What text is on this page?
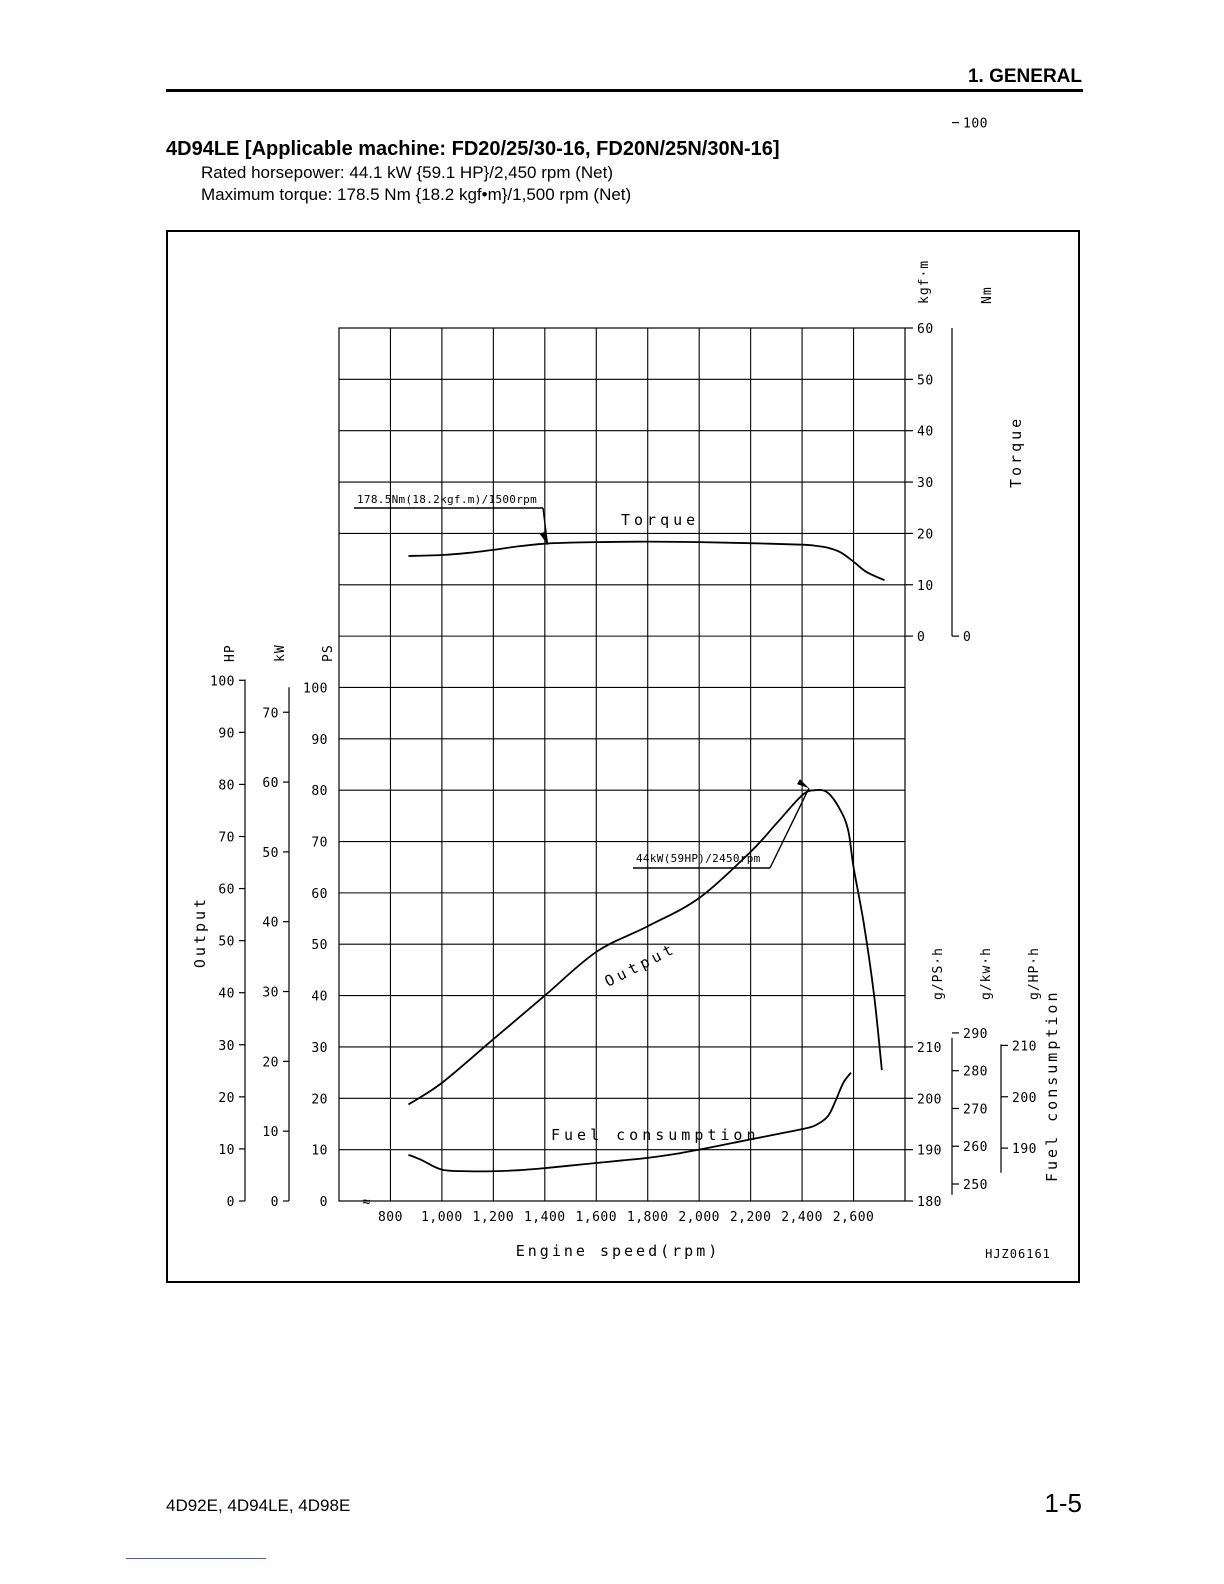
1. GENERAL
4D94LE [Applicable machine: FD20/25/30-16, FD20N/25N/30N-16]
Rated horsepower: 44.1 kW {59.1 HP}/2,450 rpm (Net)
Maximum torque: 178.5 Nm {18.2 kgf•m}/1,500 rpm (Net)
800 1,000 1,200 1,400 1,600 1,800 2,000 2,200 2,400 2,600
≈
Engine speed(rpm)	HJZ06161
60
50
40
30
20
10
0
kgf·m
100
0
Nm
Torque
100
90
80
70
60
50
40
30
20
10
0
HP
70
60
50
40
30
20
10
0
kW
100
90
80
70
60
50
40
30
20
10
0
PS
Output
210
200
190
180
g/PS·h
290
280
270
260
250
g/kw·h
210
200
190
g/HP·h
Fuel consumption
Torque
Output
Fuel consumption
178.5Nm(18.2kgf.m)/1500rpm
44kW(59HP)/2450rpm
4D92E, 4D94LE, 4D98E	1-5
